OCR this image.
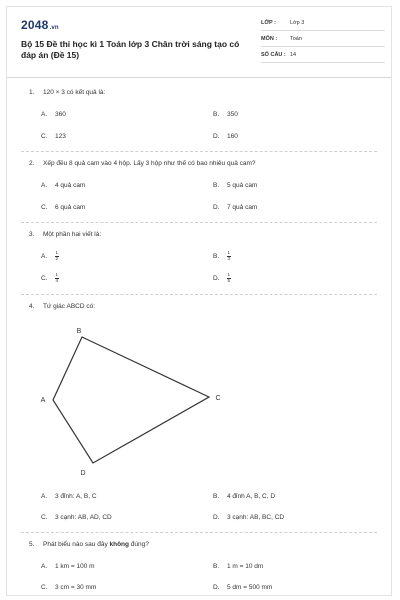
2048.vn
Bộ 15 Đề thi học kì 1 Toán lớp 3 Chân trời sáng tạo có đáp án (Đề 15)
LỚP :	Lớp 3
MÔN : Toán
SỐ CÂU : 14
1. 120 × 3 có kết quả là:
A. 360	B. 350
C. 123	D. 160
2. Xếp đều 8 quả cam vào 4 hộp. Lấy 3 hộp như thế có bao nhiêu quả cam?
A. 4 quả cam	B. 5 quả cam
C. 6 quả cam	D. 7 quả cam
3. Một phần hai viết là:
A. $\frac{1}{2}$	B. $\frac{1}{3}$
C. $\frac{1}{4}$	D. $\frac{1}{5}$
4. Tứ giác ABCD có:
B
C
D
A
A. 3 đỉnh: A, B, C	B. 4 đỉnh A, B, C, D
C. 3 cạnh: AB, AD, CD	D. 3 cạnh: AB, BC, CD
5. Phát biểu nào sau đây không đúng?
A. 1 km = 100 m	B. 1 m = 10 dm
C. 3 cm = 30 mm	D. 5 dm = 500 mm
